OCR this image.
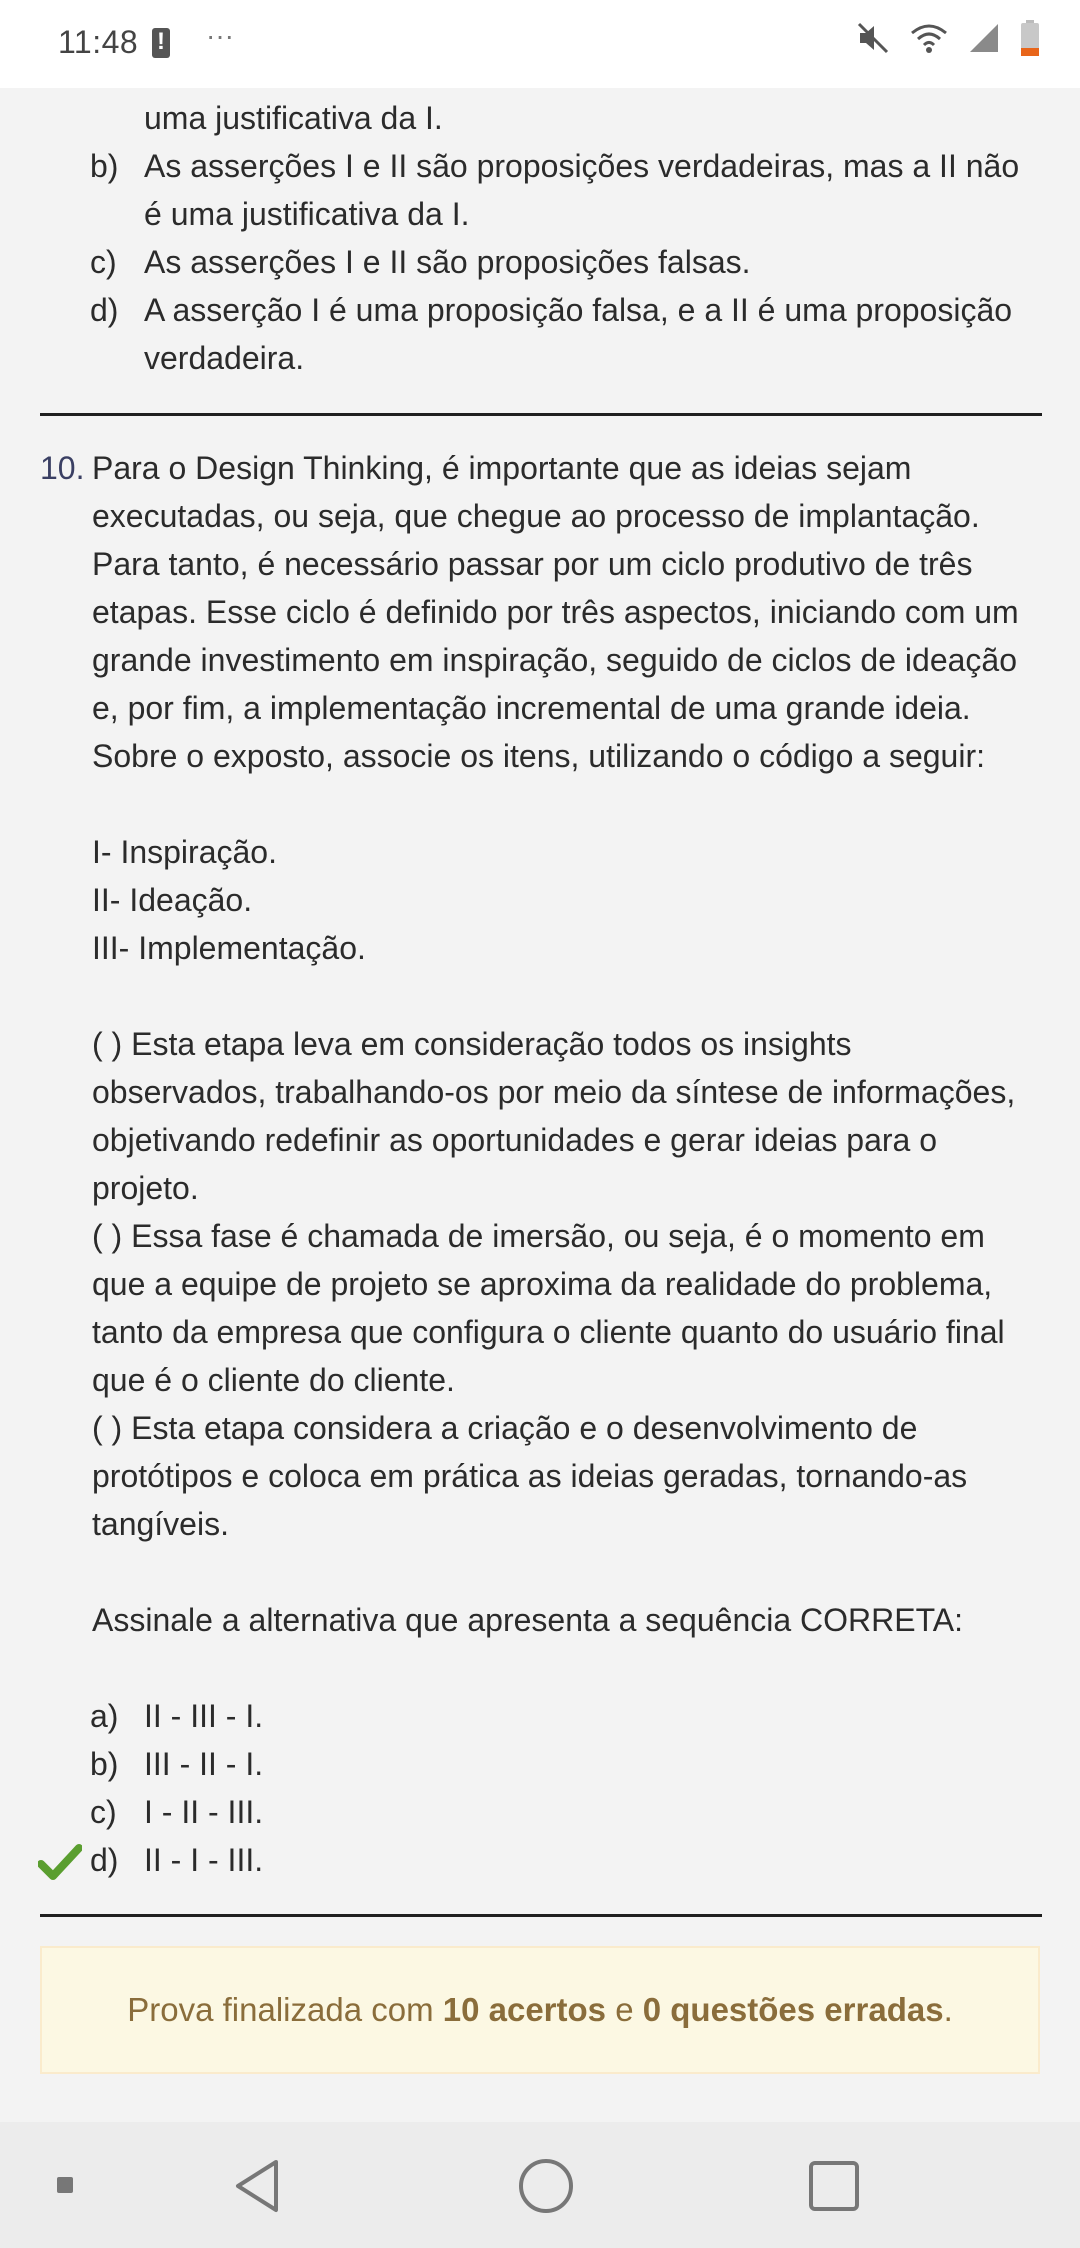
11:48
! ···
uma justificativa da I.
b) As asserções I e II são proposições verdadeiras, mas a II não é uma justificativa da I.
c) As asserções I e II são proposições falsas.
d) A asserção I é uma proposição falsa, e a II é uma proposição verdadeira.
10. Para o Design Thinking, é importante que as ideias sejam executadas, ou seja, que chegue ao processo de implantação. Para tanto, é necessário passar por um ciclo produtivo de três etapas. Esse ciclo é definido por três aspectos, iniciando com um grande investimento em inspiração, seguido de ciclos de ideação e, por fim, a implementação incremental de uma grande ideia. Sobre o exposto, associe os itens, utilizando o código a seguir:

I- Inspiração.

II- Ideação.

III- Implementação.

( ) Esta etapa leva em consideração todos os insights observados, trabalhando-os por meio da síntese de informações, objetivando redefinir as oportunidades e gerar ideias para o projeto.

( ) Essa fase é chamada de imersão, ou seja, é o momento em que a equipe de projeto se aproxima da realidade do problema, tanto da empresa que configura o cliente quanto do usuário final que é o cliente do cliente.

( ) Esta etapa considera a criação e o desenvolvimento de protótipos e coloca em prática as ideias geradas, tornando-as tangíveis.

Assinale a alternativa que apresenta a sequência CORRETA:

a) II - III - I.
b) III - II - I.
c) I - II - III.
d) II - I - III.
Prova finalizada com 10 acertos e 0 questões erradas .
